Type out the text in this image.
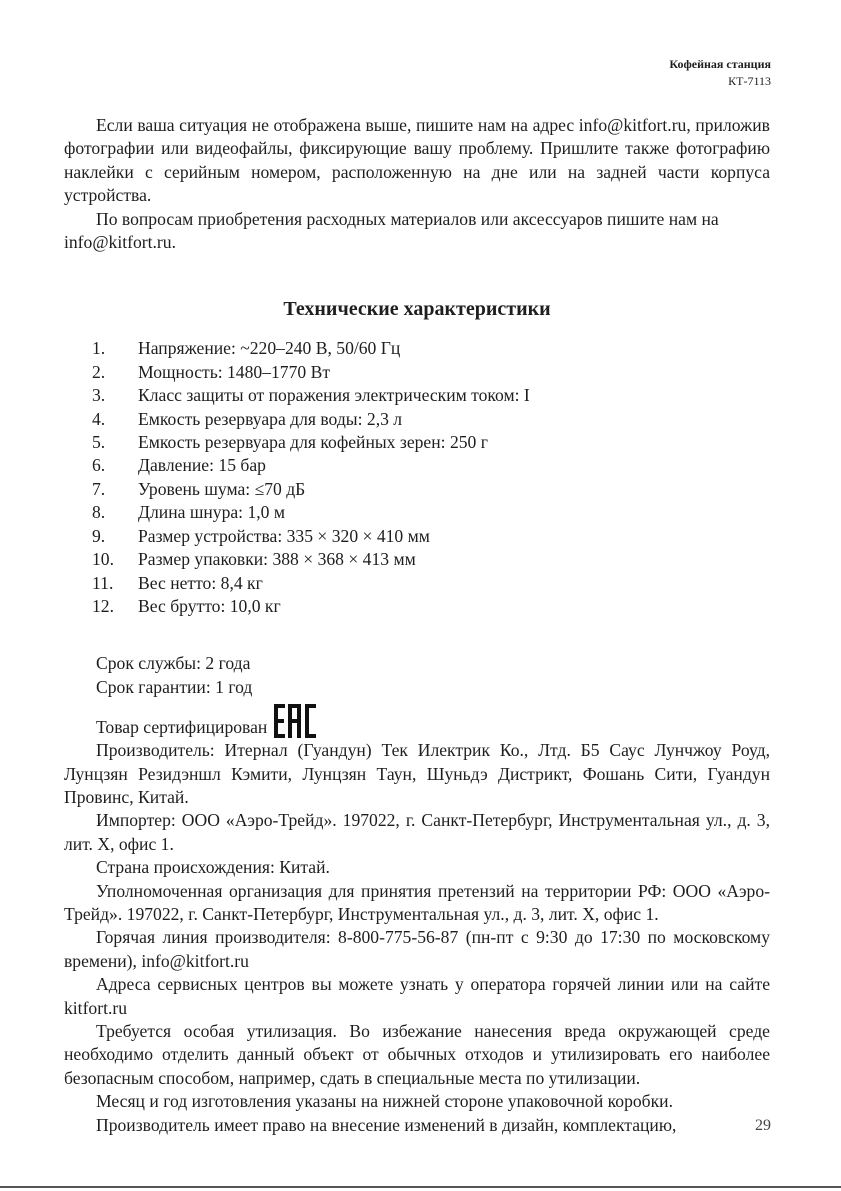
Кофейная станция
КТ-7113

Если ваша ситуация не отображена выше, пишите нам на адрес info@kitfort.ru, приложив фотографии или видеофайлы, фиксирующие вашу проблему. Пришлите также фотографию наклейки с серийным номером, расположенную на дне или на задней части корпуса устройства.

По вопросам приобретения расходных материалов или аксессуаров пишите нам на info@kitfort.ru.

Технические характеристики
1.	Напряжение: ~220–240 В, 50/60 Гц
2.	Мощность: 1480–1770 Вт
3.	Класс защиты от поражения электрическим током: I
4.	Емкость резервуара для воды: 2,3 л
5.	Емкость резервуара для кофейных зерен: 250 г
6.	Давление: 15 бар
7.	Уровень шума: ≤70 дБ
8.	Длина шнура: 1,0 м
9.	Размер устройства: 335 × 320 × 410 мм
10.	Размер упаковки: 388 × 368 × 413 мм
11.	Вес нетто: 8,4 кг
12.	Вес брутто: 10,0 кг

Срок службы: 2 года

Срок гарантии: 1 год

Товар сертифицирован

Производитель: Итернал (Гуандун) Тек Илектрик Ко., Лтд. Б5 Саус Лунчжоу Роуд, Лунцзян Резидэншл Кэмити, Лунцзян Таун, Шуньдэ Дистрикт, Фошань Сити, Гуандун Провинс, Китай.

Импортер: ООО «Аэро-Трейд». 197022, г. Санкт-Петербург, Инструментальная ул., д. 3, лит. Х, офис 1.

Страна происхождения: Китай.

Уполномоченная организация для принятия претензий на территории РФ: ООО «Аэро-Трейд». 197022, г. Санкт-Петербург, Инструментальная ул., д. 3, лит. Х, офис 1.

Горячая линия производителя: 8-800-775-56-87 (пн-пт с 9:30 до 17:30 по московскому времени), info@kitfort.ru

Адреса сервисных центров вы можете узнать у оператора горячей линии или на сайте kitfort.ru

Требуется особая утилизация. Во избежание нанесения вреда окружающей среде необходимо отделить данный объект от обычных отходов и утилизировать его наиболее безопасным способом, например, сдать в специальные места по утилизации.

Месяц и год изготовления указаны на нижней стороне упаковочной коробки.

Производитель имеет право на внесение изменений в дизайн, комплектацию,	29
